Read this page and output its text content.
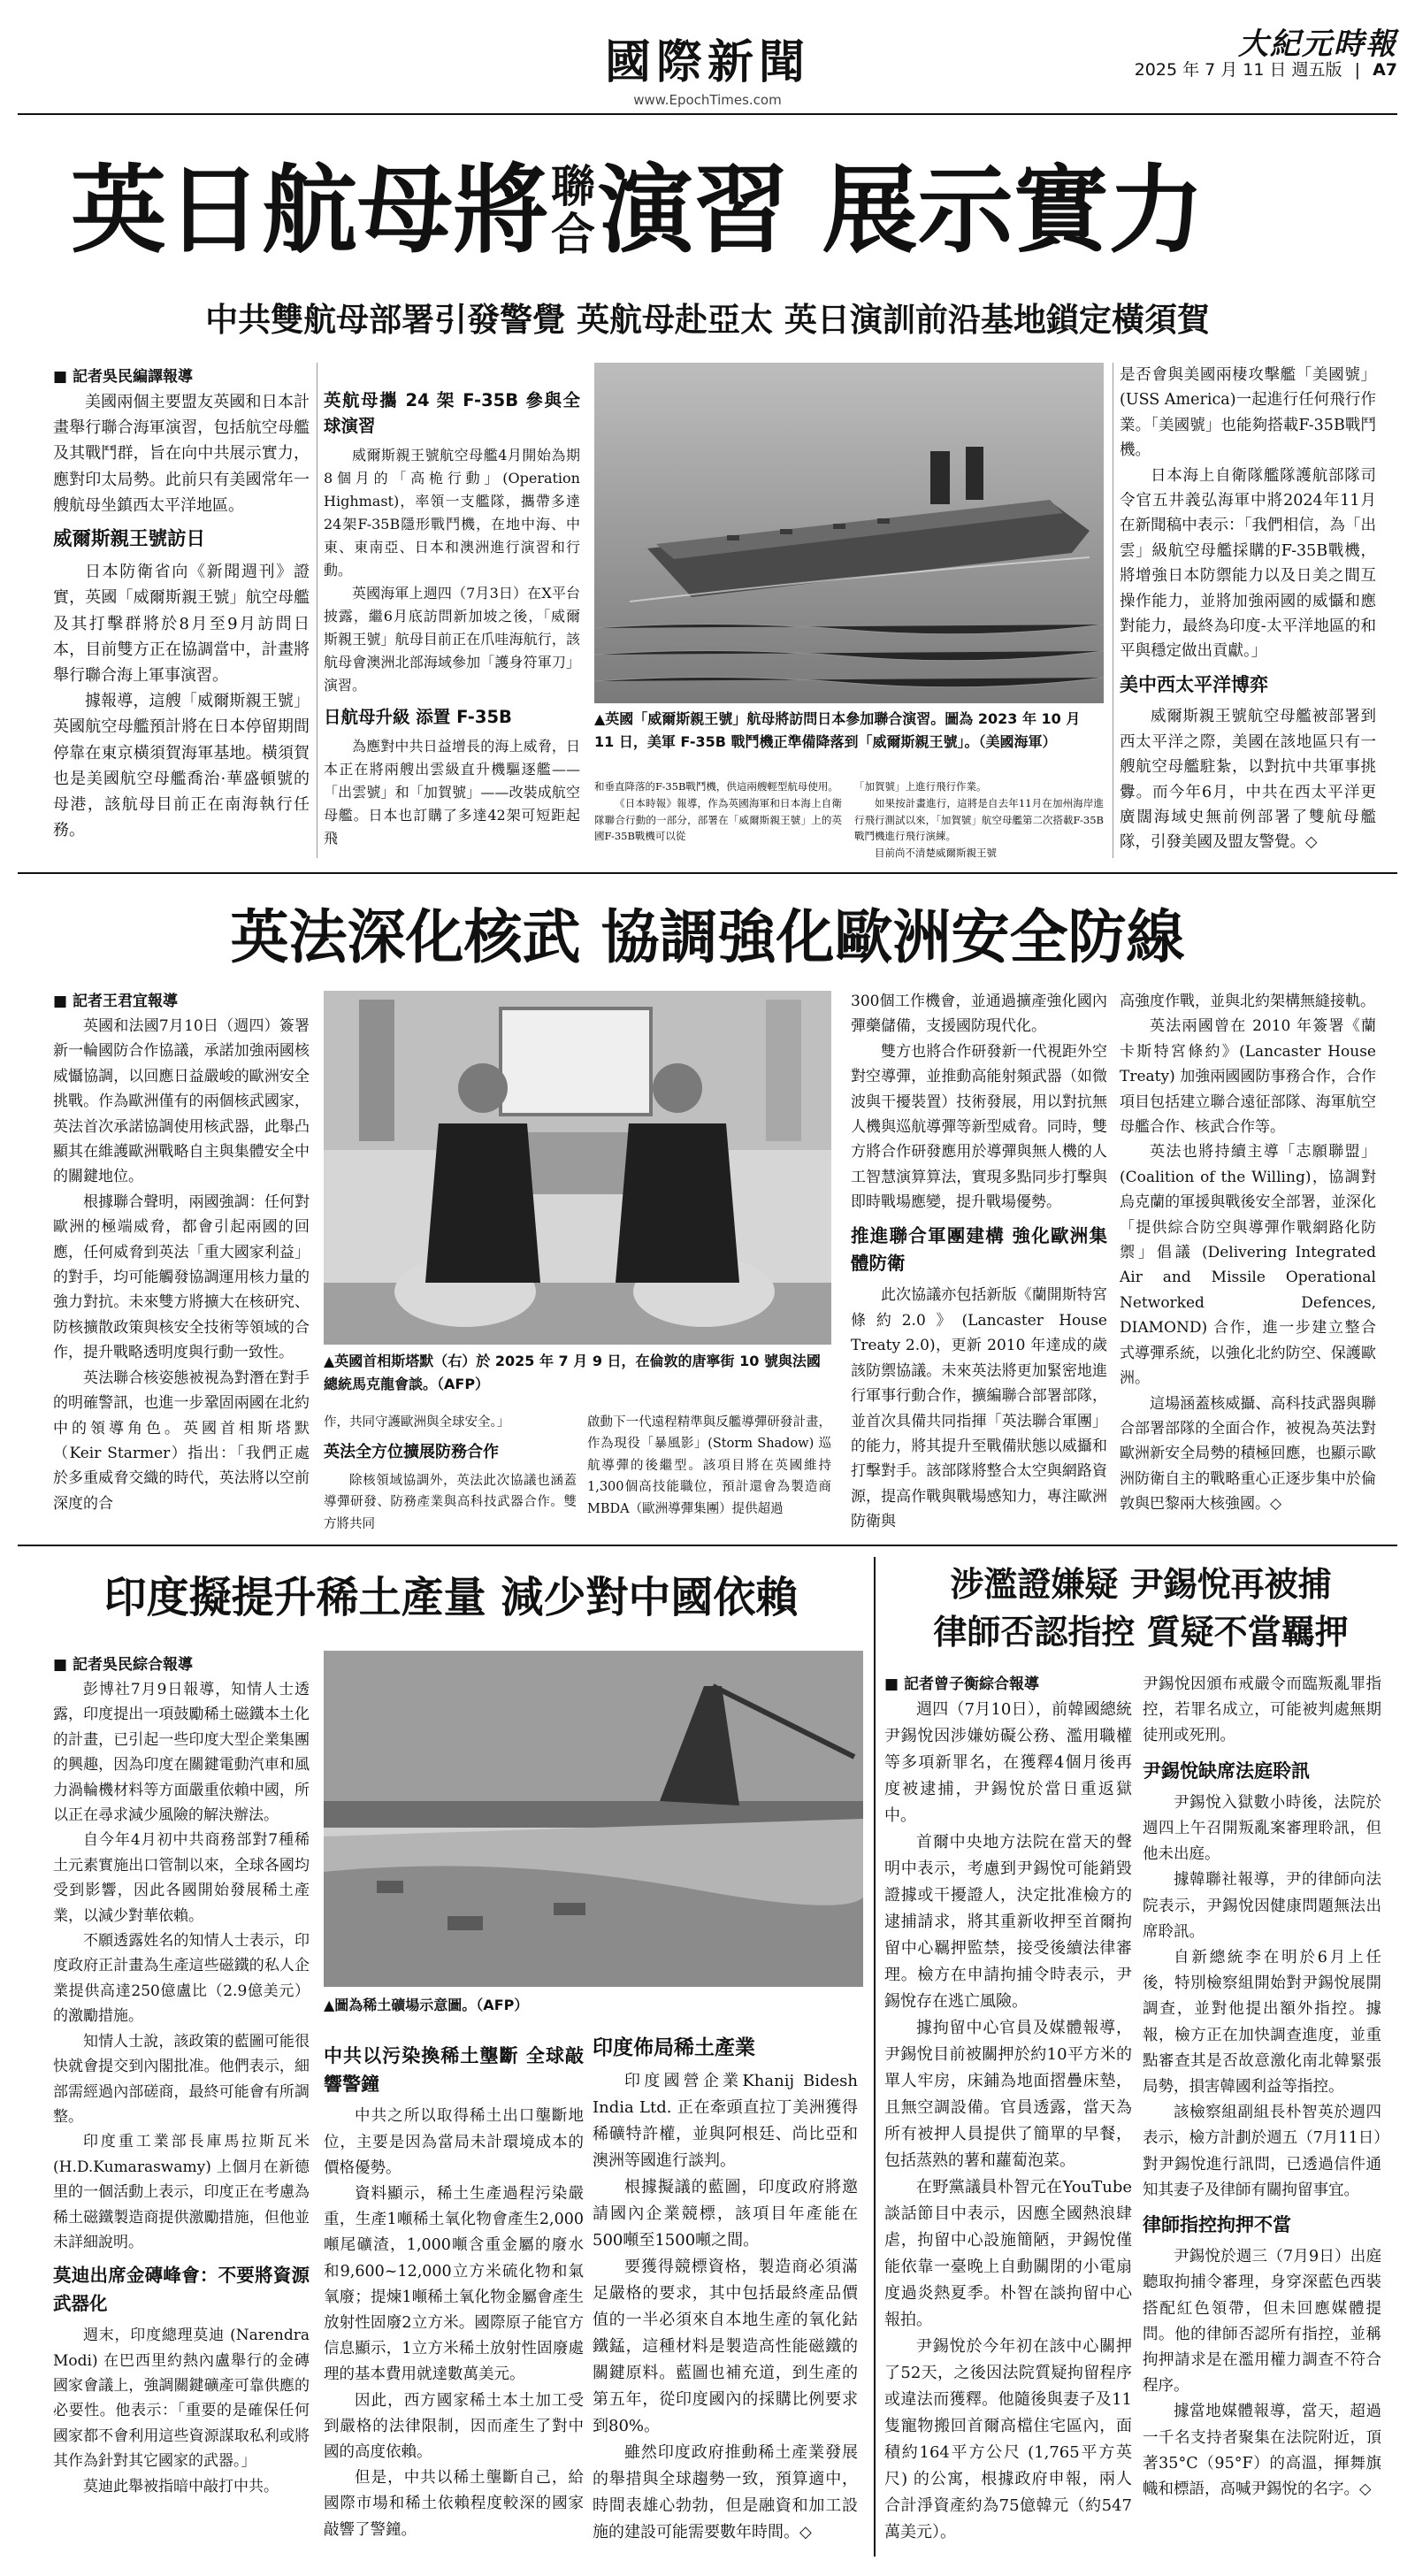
國際新聞
www.EpochTimes.com
大紀元時報
2025 年 7 月 11 日 週五版 | A7
英日航母將 聯
合 演習 展示實力
中共雙航母部署引發警覺 英航母赴亞太 英日演訓前沿基地鎖定橫須賀
■ 記者吳民編譯報導

美國兩個主要盟友英國和日本計畫舉行聯合海軍演習，包括航空母艦及其戰鬥群，旨在向中共展示實力，應對印太局勢。此前只有美國常年一艘航母坐鎮西太平洋地區。

威爾斯親王號訪日

日本防衛省向《新聞週刊》證實，英國「威爾斯親王號」航空母艦及其打擊群將於8月至9月訪問日本，目前雙方正在協調當中，計畫將舉行聯合海上軍事演習。

據報導，這艘「威爾斯親王號」英國航空母艦預計將在日本停留期間停靠在東京橫須賀海軍基地。橫須賀也是美國航空母艦喬治·華盛頓號的母港，該航母目前正在南海執行任務。

英航母攜 24 架 F-35B 參與全球演習

威爾斯親王號航空母艦4月開始為期8個月的「高桅行動」(Operation Highmast)，率領一支艦隊，攜帶多達24架F-35B隱形戰鬥機，在地中海、中東、東南亞、日本和澳洲進行演習和行動。

英國海軍上週四（7月3日）在X平台披露，繼6月底訪問新加坡之後，「威爾斯親王號」航母目前正在爪哇海航行，該航母會澳洲北部海域參加「護身符軍刀」演習。

日航母升級 添置 F-35B

為應對中共日益增長的海上威脅，日本正在將兩艘出雲級直升機驅逐艦——「出雲號」和「加賀號」——改裝成航空母艦。日本也訂購了多達42架可短距起飛

▲英國「威爾斯親王號」航母將訪問日本參加聯合演習。圖為 2023 年 10 月 11 日，美軍 F-35B 戰鬥機正準備降落到「威爾斯親王號」。（美國海軍）

和垂直降落的F-35B戰鬥機，供這兩艘輕型航母使用。

《日本時報》報導，作為英國海軍和日本海上自衛隊聯合行動的一部分，部署在「威爾斯親王號」上的英國F-35B戰機可以從

「加賀號」上進行飛行作業。

如果按計畫進行，這將是自去年11月在加州海岸進行飛行測試以來，「加賀號」航空母艦第二次搭載F-35B戰鬥機進行飛行演練。

目前尚不清楚威爾斯親王號

是否會與美國兩棲攻擊艦「美國號」(USS America)一起進行任何飛行作業。「美國號」也能夠搭載F-35B戰鬥機。

日本海上自衛隊艦隊護航部隊司令官五井義弘海軍中將2024年11月在新聞稿中表示：「我們相信，為「出雲」級航空母艦採購的F-35B戰機，將增強日本防禦能力以及日美之間互操作能力，並將加強兩國的威懾和應對能力，最終為印度-太平洋地區的和平與穩定做出貢獻。」

美中西太平洋博弈

威爾斯親王號航空母艦被部署到西太平洋之際，美國在該地區只有一艘航空母艦駐紮，以對抗中共軍事挑釁。而今年6月，中共在西太平洋更廣闊海域史無前例部署了雙航母艦隊，引發美國及盟友警覺。◇

英法深化核武 協調強化歐洲安全防線
■ 記者王君宜報導

英國和法國7月10日（週四）簽署新一輪國防合作協議，承諾加強兩國核威懾協調，以回應日益嚴峻的歐洲安全挑戰。作為歐洲僅有的兩個核武國家，英法首次承諾協調使用核武器，此舉凸顯其在維護歐洲戰略自主與集體安全中的關鍵地位。

根據聯合聲明，兩國強調：任何對歐洲的極端威脅，都會引起兩國的回應，任何威脅到英法「重大國家利益」的對手，均可能觸發協調運用核力量的強力對抗。未來雙方將擴大在核研究、防核擴散政策與核安全技術等領域的合作，提升戰略透明度與行動一致性。

英法聯合核姿態被視為對潛在對手的明確警訊，也進一步鞏固兩國在北約中的領導角色。英國首相斯塔默（Keir Starmer）指出：「我們正處於多重威脅交織的時代，英法將以空前深度的合

▲英國首相斯塔默（右）於 2025 年 7 月 9 日，在倫敦的唐寧街 10 號與法國總統馬克龍會談。（AFP）

作，共同守護歐洲與全球安全。」

英法全方位擴展防務合作

除核領域協調外，英法此次協議也涵蓋導彈研發、防務產業與高科技武器合作。雙方將共同

啟動下一代遠程精準與反艦導彈研發計畫，作為現役「暴風影」(Storm Shadow) 巡航導彈的後繼型。該項目將在英國維持1,300個高技能職位，預計還會為製造商MBDA（歐洲導彈集團）提供超過

300個工作機會，並通過擴產強化國內彈藥儲備，支援國防現代化。

雙方也將合作研發新一代視距外空對空導彈，並推動高能射頻武器（如微波與干擾裝置）技術發展，用以對抗無人機與巡航導彈等新型威脅。同時，雙方將合作研發應用於導彈與無人機的人工智慧演算算法，實現多點同步打擊與即時戰場應變，提升戰場優勢。

推進聯合軍團建構 強化歐洲集體防衛

此次協議亦包括新版《蘭開斯特宮條約2.0》(Lancaster House Treaty 2.0)，更新 2010 年達成的歲該防禦協議。未來英法將更加緊密地進行軍事行動合作，擴編聯合部署部隊，並首次具備共同指揮「英法聯合軍團」的能力，將其提升至戰備狀態以威攝和打擊對手。該部隊將整合太空與網路資源，提高作戰與戰場感知力，專注歐洲防衛與

高強度作戰，並與北約架構無縫接軌。

英法兩國曾在 2010 年簽署《蘭卡斯特宮條約》(Lancaster House Treaty) 加強兩國國防事務合作，合作項目包括建立聯合遠征部隊、海軍航空母艦合作、核武合作等。

英法也將持續主導「志願聯盟」(Coalition of the Willing)，協調對烏克蘭的軍援與戰後安全部署，並深化「提供綜合防空與導彈作戰網路化防禦」倡議 (Delivering Integrated Air and Missile Operational Networked Defences, DIAMOND) 合作，進一步建立整合式導彈系統，以強化北約防空、保護歐洲。

這場涵蓋核威攝、高科技武器與聯合部署部隊的全面合作，被視為英法對歐洲新安全局勢的積極回應，也顯示歐洲防衛自主的戰略重心正逐步集中於倫敦與巴黎兩大核強國。◇

印度擬提升稀土產量 減少對中國依賴
■ 記者吳民綜合報導

彭博社7月9日報導，知情人士透露，印度提出一項鼓勵稀土磁鐵本土化的計畫，已引起一些印度大型企業集團的興趣，因為印度在關鍵電動汽車和風力渦輪機材料等方面嚴重依賴中國，所以正在尋求減少風險的解決辦法。

自今年4月初中共商務部對7種稀土元素實施出口管制以來，全球各國均受到影響，因此各國開始發展稀土產業，以減少對華依賴。

不願透露姓名的知情人士表示，印度政府正計畫為生產這些磁鐵的私人企業提供高達250億盧比（2.9億美元）的激勵措施。

知情人士說，該政策的藍圖可能很快就會提交到內閣批准。他們表示，細部需經過內部磋商，最終可能會有所調整。

印度重工業部長庫馬拉斯瓦米 (H.D.Kumaraswamy) 上個月在新德里的一個活動上表示，印度正在考慮為稀土磁鐵製造商提供激勵措施，但他並未詳細說明。

莫迪出席金磚峰會：不要將資源武器化

週末，印度總理莫迪 (Narendra Modi) 在巴西里約熱內盧舉行的金磚國家會議上，強調關鍵礦產可靠供應的必要性。他表示：「重要的是確保任何國家都不會利用這些資源謀取私利或將其作為針對其它國家的武器。」

莫迪此舉被指暗中敲打中共。

▲圖為稀土礦場示意圖。（AFP）
中共以污染換稀土壟斷 全球敲響警鐘

中共之所以取得稀土出口壟斷地位，主要是因為當局未計環境成本的價格優勢。

資料顯示，稀土生產過程污染嚴重，生產1噸稀土氧化物會產生2,000噸尾礦渣，1,000噸含重金屬的廢水和9,600~12,000立方米硫化物和氣氧廢；提煉1噸稀土氧化物金屬會產生放射性固廢2立方米。國際原子能官方信息顯示，1立方米稀土放射性固廢處理的基本費用就達數萬美元。

因此，西方國家稀土本土加工受到嚴格的法律限制，因而產生了對中國的高度依賴。

但是，中共以稀土壟斷自己，給國際市場和稀土依賴程度較深的國家敲響了警鐘。

印度佈局稀土產業

印度國營企業Khanij Bidesh India Ltd. 正在牽頭直拉丁美洲獲得稀礦特許權，並與阿根廷、尚比亞和澳洲等國進行談判。

根據擬議的藍圖，印度政府將邀請國內企業競標，該項目年產能在500噸至1500噸之間。

要獲得競標資格，製造商必須滿足嚴格的要求，其中包括最終產品價值的一半必須來自本地生產的氧化鈷鐵錳，這種材料是製造高性能磁鐵的關鍵原料。藍圖也補充道，到生產的第五年，從印度國內的採購比例要求到80%。

雖然印度政府推動稀土產業發展的舉措與全球趨勢一致，預算適中，時間表雄心勃勃，但是融資和加工設施的建設可能需要數年時間。◇

涉濫證嫌疑 尹錫悅再被捕
律師否認指控 質疑不當羈押
■ 記者曾子衡綜合報導

週四（7月10日），前韓國總統尹錫悅因涉嫌妨礙公務、濫用職權等多項新罪名，在獲釋4個月後再度被逮捕，尹錫悅於當日重返獄中。

首爾中央地方法院在當天的聲明中表示，考慮到尹錫悅可能銷毀證據或干擾證人，決定批准檢方的逮捕請求，將其重新收押至首爾拘留中心羈押監禁，接受後續法律審理。檢方在申請拘捕令時表示，尹錫悅存在逃亡風險。

據拘留中心官員及媒體報導，尹錫悅目前被關押於約10平方米的單人牢房，床鋪為地面摺疊床墊，且無空調設備。官員透露，當天為所有被押人員提供了簡單的早餐，包括蒸熟的薯和蘿蔔泡菜。

在野黨議員朴智元在YouTube談話節目中表示，因應全國熱浪肆虐，拘留中心設施簡陋，尹錫悅僅能依靠一臺晚上自動關閉的小電扇度過炎熱夏季。朴智在談拘留中心報拍。

尹錫悅於今年初在該中心關押了52天，之後因法院質疑拘留程序或違法而獲釋。他隨後與妻子及11隻寵物搬回首爾高檔住宅區內，面積約164平方公尺 (1,765平方英尺) 的公寓，根據政府申報，兩人合計淨資產約為75億韓元（約547萬美元）。

尹錫悅因頒布戒嚴令而臨叛亂罪指控，若罪名成立，可能被判處無期徒刑或死刑。

尹錫悅缺席法庭聆訊

尹錫悅入獄數小時後，法院於週四上午召開叛亂案審理聆訊，但他未出庭。

據韓聯社報導，尹的律師向法院表示，尹錫悅因健康問題無法出席聆訊。

自新總統李在明於6月上任後，特別檢察組開始對尹錫悅展開調查，並對他提出額外指控。據報，檢方正在加快調查進度，並重點審查其是否故意激化南北韓緊張局勢，損害韓國利益等指控。

該檢察組副組長朴智英於週四表示，檢方計劃於週五（7月11日）對尹錫悅進行訊問，已透過信件通知其妻子及律師有關拘留事宜。

律師指控拘押不當

尹錫悅於週三（7月9日）出庭聽取拘捕令審理，身穿深藍色西裝搭配紅色領帶，但未回應媒體提問。他的律師否認所有指控，並稱拘押請求是在濫用權力調查不符合程序。

據當地媒體報導，當天，超過一千名支持者聚集在法院附近，頂著35°C（95°F）的高溫，揮舞旗幟和標語，高喊尹錫悅的名字。◇
